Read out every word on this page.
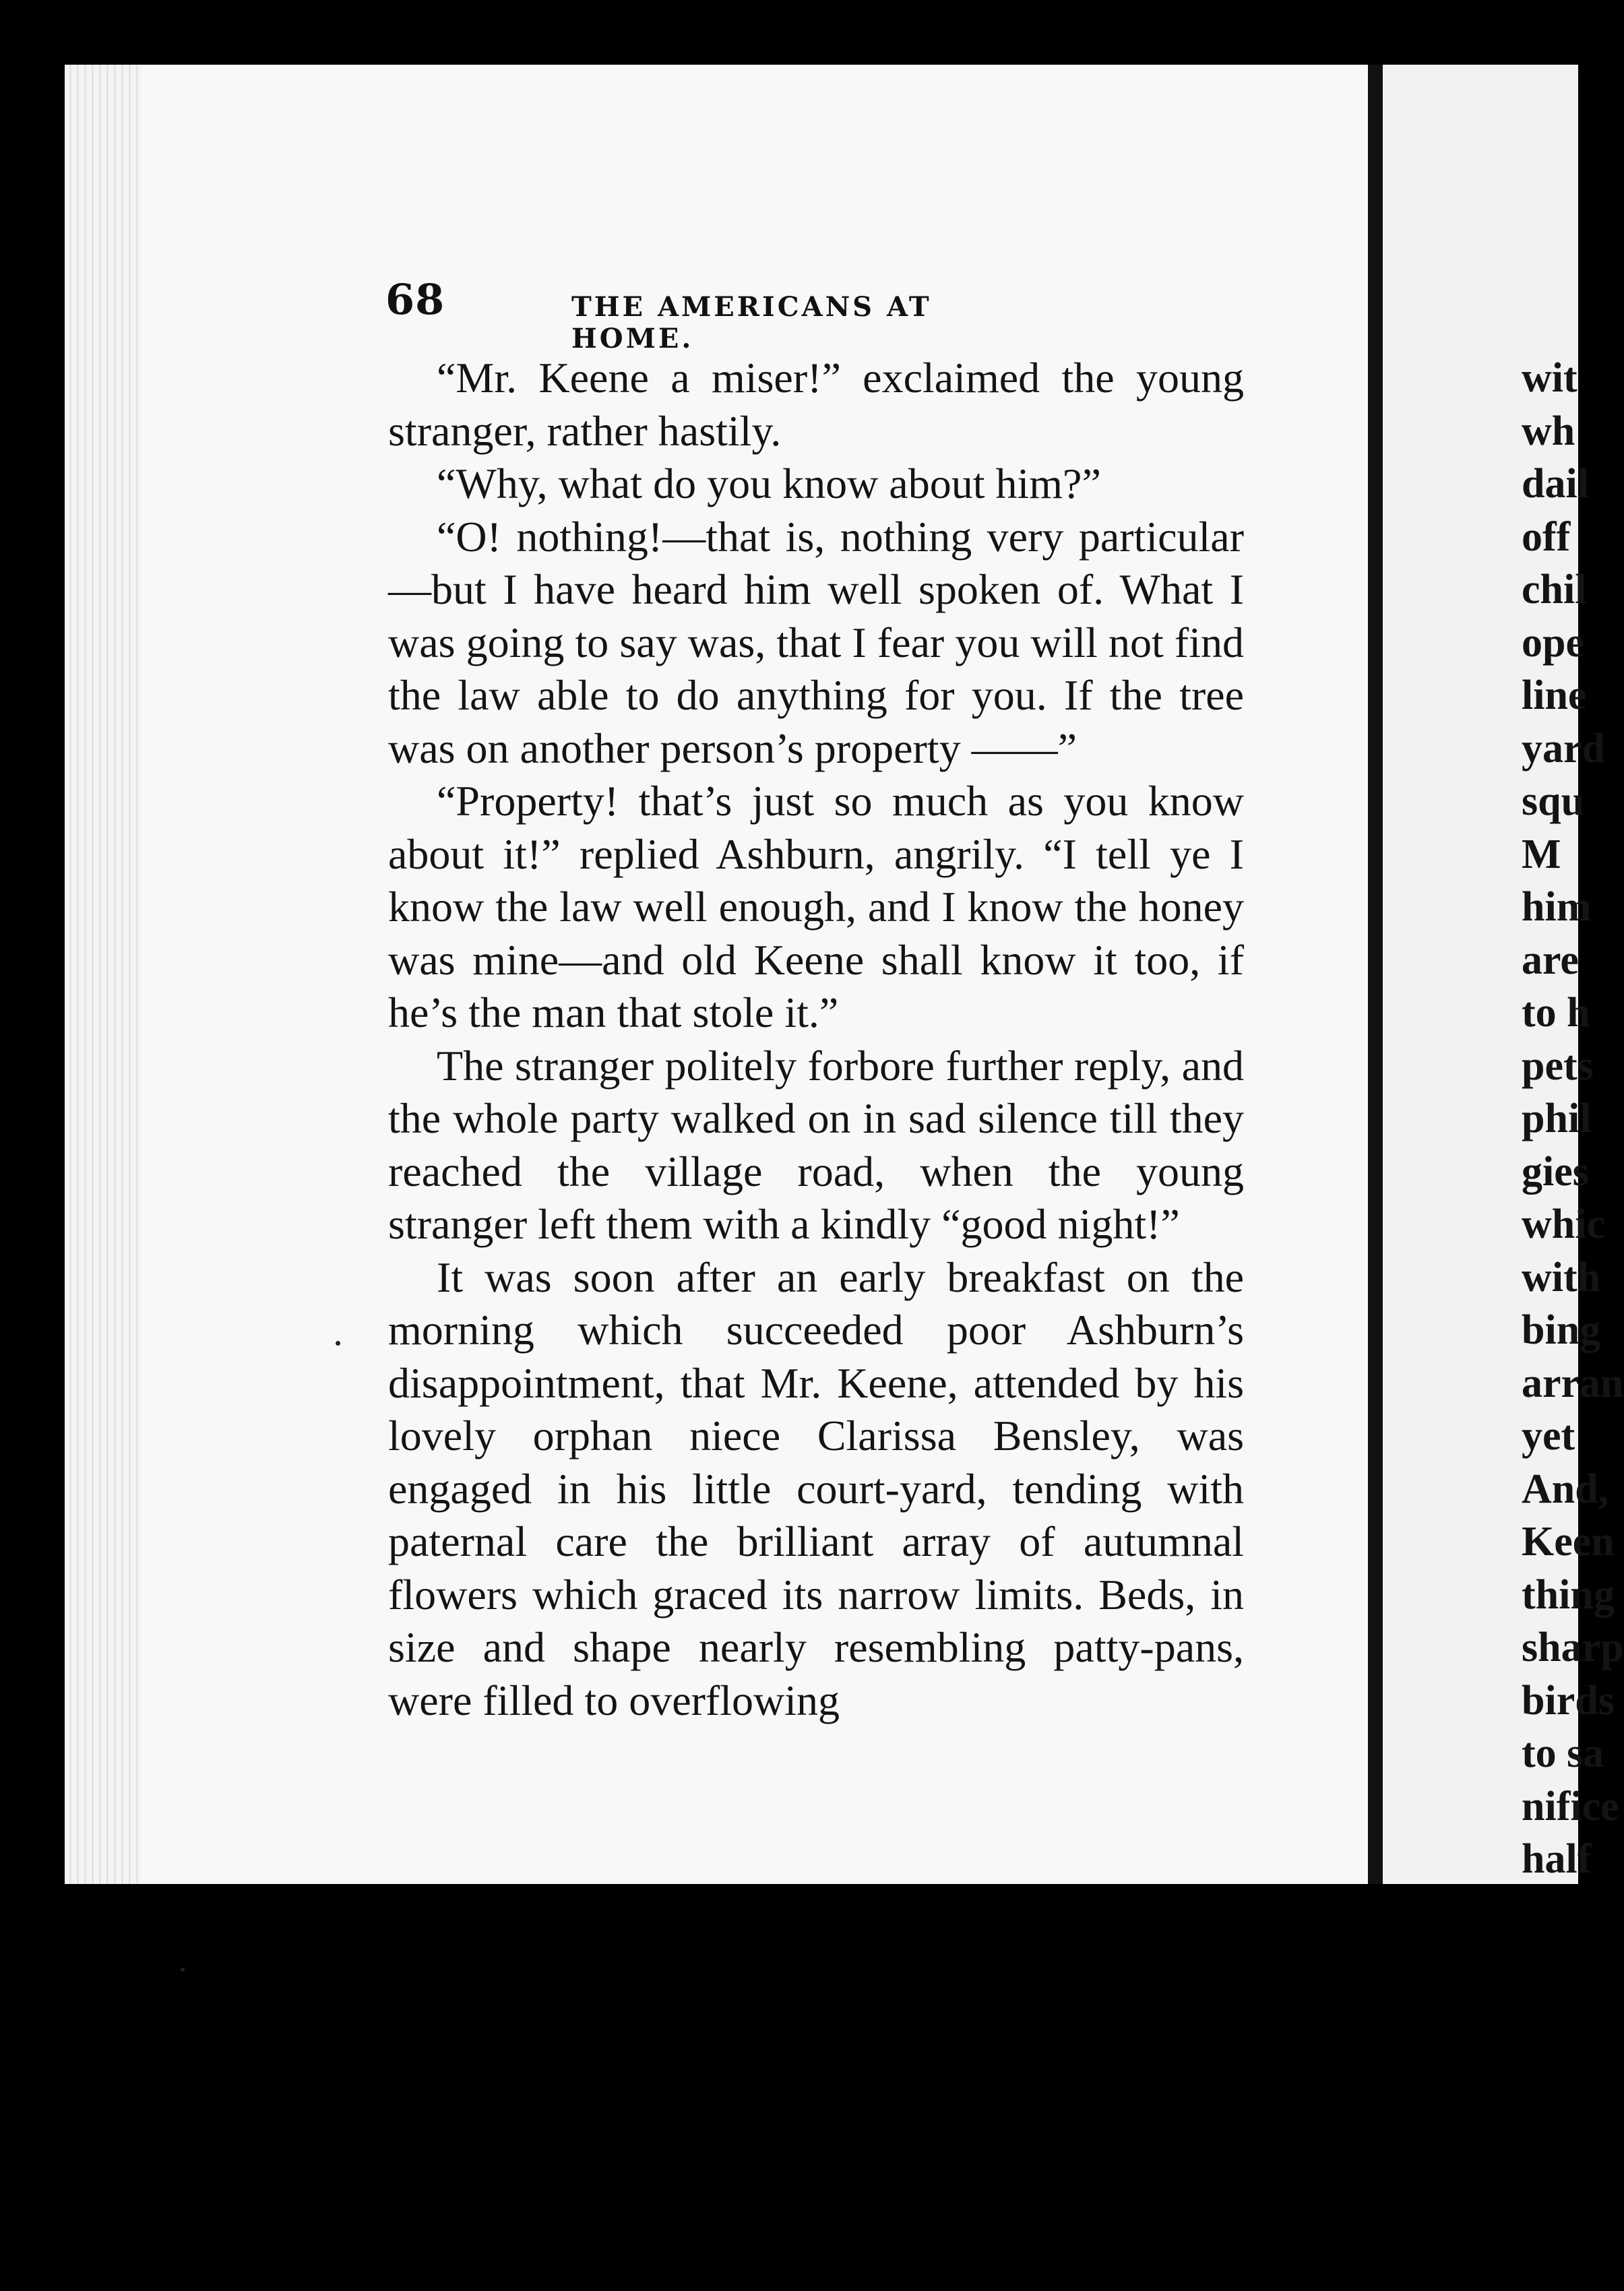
68	THE AMERICANS AT HOME.

“Mr. Keene a miser!” exclaimed the young stranger, rather hastily.

“Why, what do you know about him?”

“O! nothing!—that is, nothing very particular—but I have heard him well spoken of. What I was going to say was, that I fear you will not find the law able to do anything for you. If the tree was on another person’s property ——”

“Property! that’s just so much as you know about it!” replied Ashburn, angrily. “I tell ye I know the law well enough, and I know the honey was mine—and old Keene shall know it too, if he’s the man that stole it.”

The stranger politely forbore further reply, and the whole party walked on in sad silence till they reached the village road, when the young stranger left them with a kindly “good night!”

It was soon after an early breakfast on the morning which succeeded poor Ashburn’s disappointment, that Mr. Keene, attended by his lovely orphan niece Clarissa Bensley, was engaged in his little court-yard, tending with paternal care the brilliant array of autumnal flowers which graced its narrow limits. Beds, in size and shape nearly resembling patty-pans, were filled to overflowing

wit
wh
dail
off
chil
ope
line
yard
squ
M
him
are
to h
pets
phil
gies
whic
with
bing
arran
yet
And,
Keen
thing
sharp
birds
to sa
nifice
half
